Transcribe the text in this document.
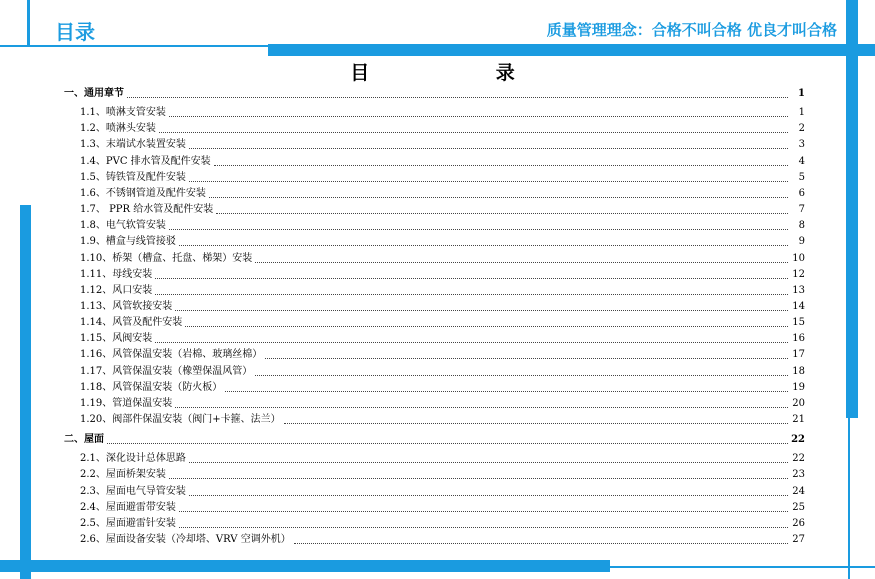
目录	质量管理理念：合格不叫合格 优良才叫合格
目 录
一、通用章节	1
1.1、喷淋支管安装	1
1.2、喷淋头安装	2
1.3、末端试水装置安装	3
1.4、PVC 排水管及配件安装	4
1.5、铸铁管及配件安装	5
1.6、不锈钢管道及配件安装	6
1.7、 PPR 给水管及配件安装	7
1.8、电气软管安装	8
1.9、槽盒与线管接驳	9
1.10、桥架（槽盒、托盘、梯架）安装	10
1.11、母线安装	12
1.12、风口安装	13
1.13、风管软接安装	14
1.14、风管及配件安装	15
1.15、风阀安装	16
1.16、风管保温安装（岩棉、玻璃丝棉）	17
1.17、风管保温安装（橡塑保温风管）	18
1.18、风管保温安装（防火板）	19
1.19、管道保温安装	20
1.20、阀部件保温安装（阀门+卡箍、法兰）	21
二、屋面	22
2.1、深化设计总体思路	22
2.2、屋面桥架安装	23
2.3、屋面电气导管安装	24
2.4、屋面避雷带安装	25
2.5、屋面避雷针安装	26
2.6、屋面设备安装（冷却塔、VRV 空调外机）	27
